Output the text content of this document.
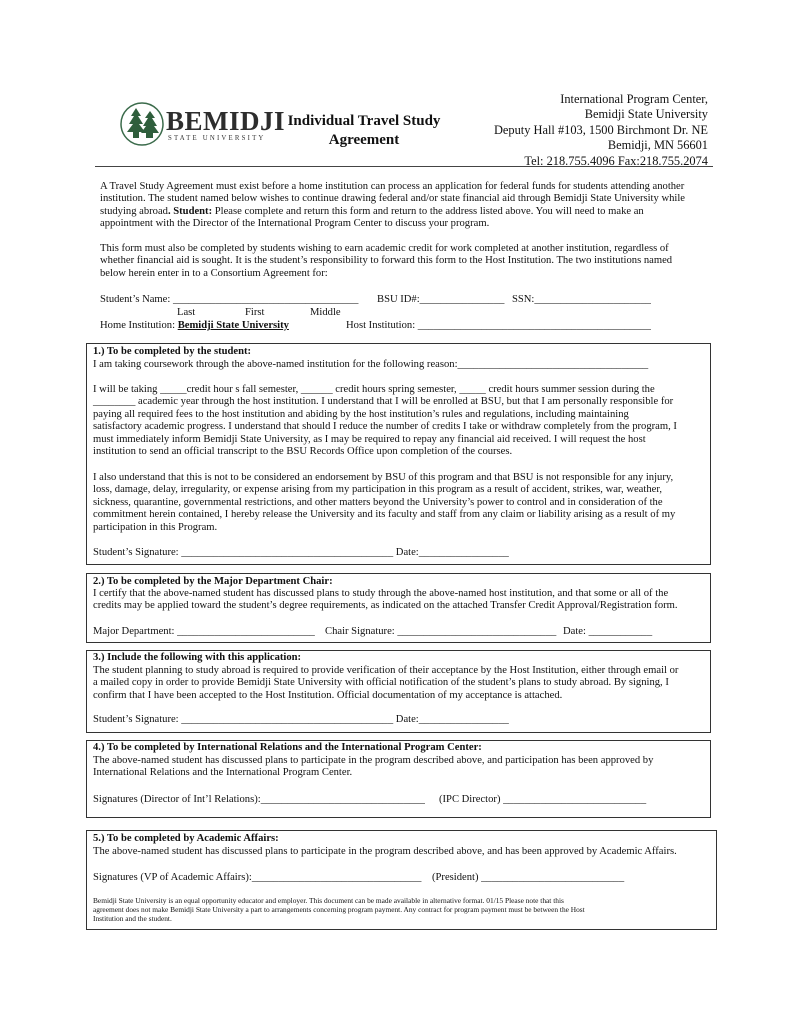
BEMIDJI
STATE UNIVERSITY
Individual Travel Study
Agreement
International Program Center,
Bemidji State University
Deputy Hall #103, 1500 Birchmont Dr. NE
Bemidji, MN 56601
Tel: 218.755.4096 Fax:218.755.2074
A Travel Study Agreement must exist before a home institution can process an application for federal funds for students attending another
institution. The student named below wishes to continue drawing federal and/or state financial aid through Bemidji State University while
studying abroad. Student: Please complete and return this form and return to the address listed above. You will need to make an
appointment with the Director of the International Program Center to discuss your program.
This form must also be completed by students wishing to earn academic credit for work completed at another institution, regardless of
whether financial aid is sought. It is the student’s responsibility to forward this form to the Host Institution. The two institutions named
below herein enter in to a Consortium Agreement for:
Student’s Name: ___________________________________ BSU ID#:________________ SSN:______________________
Last	First	Middle
Home Institution: Bemidji State University	Host Institution: ____________________________________________
1.) To be completed by the student:
I am taking coursework through the above-named institution for the following reason:____________________________________
I will be taking _____credit hour s fall semester, ______ credit hours spring semester, _____ credit hours summer session during the
________ academic year through the host institution. I understand that I will be enrolled at BSU, but that I am personally responsible for
paying all required fees to the host institution and abiding by the host institution’s rules and regulations, including maintaining
satisfactory academic progress. I understand that should I reduce the number of credits I take or withdraw completely from the program, I
must immediately inform Bemidji State University, as I may be required to repay any financial aid received. I will request the host
institution to send an official transcript to the BSU Records Office upon completion of the courses.
I also understand that this is not to be considered an endorsement by BSU of this program and that BSU is not responsible for any injury,
loss, damage, delay, irregularity, or expense arising from my participation in this program as a result of accident, strikes, war, weather,
sickness, quarantine, governmental restrictions, and other matters beyond the University’s power to control and in consideration of the
commitment herein contained, I hereby release the University and its faculty and staff from any claim or liability arising as a result of my
participation in this Program.
Student’s Signature: ________________________________________ Date:_________________
2.) To be completed by the Major Department Chair:
I certify that the above-named student has discussed plans to study through the above-named host institution, and that some or all of the
credits may be applied toward the student’s degree requirements, as indicated on the attached Transfer Credit Approval/Registration form.
Major Department: __________________________ Chair Signature: ______________________________ Date: ____________
3.) Include the following with this application:
The student planning to study abroad is required to provide verification of their acceptance by the Host Institution, either through email or
a mailed copy in order to provide Bemidji State University with official notification of the student’s plans to study abroad. By signing, I
confirm that I have been accepted to the Host Institution. Official documentation of my acceptance is attached.
Student’s Signature: ________________________________________ Date:_________________
4.) To be completed by International Relations and the International Program Center:
The above-named student has discussed plans to participate in the program described above, and participation has been approved by
International Relations and the International Program Center.
Signatures (Director of Int’l Relations):_______________________________ (IPC Director) ___________________________
5.) To be completed by Academic Affairs:
The above-named student has discussed plans to participate in the program described above, and has been approved by Academic Affairs.
Signatures (VP of Academic Affairs):________________________________ (President) ___________________________
Bemidji State University is an equal opportunity educator and employer. This document can be made available in alternative format. 01/15 Please note that this
agreement does not make Bemidji State University a part to arrangements concerning program payment. Any contract for program payment must be between the Host
Institution and the student.
